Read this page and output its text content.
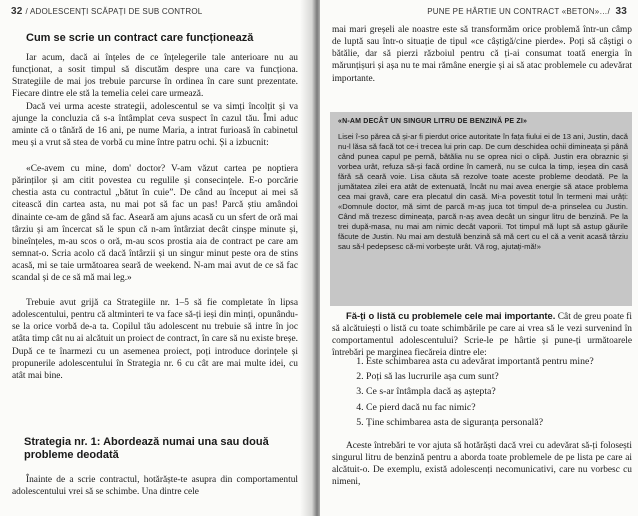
32 / ADOLESCENȚI SCĂPAȚI DE SUB CONTROL
Cum se scrie un contract care funcționează

Iar acum, dacă ai înțeles de ce înțelegerile tale anterioare nu au funcționat, a sosit timpul să discutăm despre una care va funcționa. Strategiile de mai jos trebuie parcurse în ordinea în care sunt prezentate. Fiecare dintre ele stă la temelia celei care urmează.

Dacă vei urma aceste strategii, adolescentul se va simți încolțit și va ajunge la concluzia că s-a întâmplat ceva suspect în cazul tău. Îmi aduc aminte că o tânără de 16 ani, pe nume Maria, a intrat furioasă în cabinetul meu și a vrut să stea de vorbă cu mine între patru ochi. Și a izbucnit:

«Ce-avem cu mine, dom' doctor? V-am văzut cartea pe noptiera părinților și am citit povestea cu regulile și consecințele. E-o porcărie chestia asta cu contractul „bătut în cuie”. De când au început ai mei să citească din cartea asta, nu mai pot să fac un pas! Parcă știu amândoi dinainte ce-am de gând să fac. Aseară am ajuns acasă cu un sfert de oră mai târziu și am încercat să le spun că n-am întârziat decât cinșpe minute și, bineînțeles, m-au scos o oră, m-au scos prostia aia de contract pe care am semnat-o. Scria acolo că dacă întârzii și un singur minut peste ora de stins acasă, mi se taie următoarea seară de weekend. N-am mai avut de ce să fac scandal și de ce să mă mai leg.»

Trebuie avut grijă ca Strategiile nr. 1–5 să fie completate în lipsa adolescentului, pentru că altminteri te va face să-ți ieși din minți, opunându-se la orice vorbă de-a ta. Copilul tău adolescent nu trebuie să intre în joc atâta timp cât nu ai alcătuit un proiect de contract, în care să nu existe breșe. După ce te înarmezi cu un asemenea proiect, poți introduce dorințele și propunerile adolescentului în Strategia nr. 6 cu cât are mai multe idei, cu atât mai bine.

Strategia nr. 1: Abordează numai una sau două probleme deodată

Înainte de a scrie contractul, hotărăște-te asupra din comportamentul adolescentului vrei să se schimbe. Una dintre cele

PUNE PE HÂRTIE UN CONTRACT «BETON»…/ 33

mai mari greșeli ale noastre este să transformăm orice problemă într-un câmp de luptă sau într-o situație de tipul «ce câștigă/cine pierde». Poți să câștigi o bătălie, dar să pierzi războiul pentru că ți-ai consumat toată energia în mărunțișuri și așa nu te mai rămâne energie și ai să atac problemele cu adevărat importante.

«N-AM DECÂT UN SINGUR LITRU DE BENZINĂ PE ZI»

Lisei î-so părea că și-ar fi pierdut orice autoritate în fața fiului ei de 13 ani, Justin, dacă nu-l lăsa să facă tot ce-i trecea lui prin cap. De cum deschidea ochii dimineața și până când punea capul pe pernă, bătălia nu se oprea nici o clipă. Justin era obraznic și vorbea urât, refuza să-și facă ordine în cameră, nu se culca la timp, ieșea din casă fără să ceară voie. Lisa căuta să rezolve toate aceste probleme deodată. Pe la jumătatea zilei era atât de extenuată, încât nu mai avea energie să atace problema cea mai gravă, care era plecatul din casă. Mi-a povestit totul în termeni mai urâți: «Domnule doctor, mă simt de parcă m-aș juca tot timpul de-a prinselea cu Justin. Când mă trezesc dimineața, parcă n-aș avea decât un singur litru de benzină. Pe la trei după-masa, nu mai am nimic decât vaporii. Tot timpul mă lupt să astup găurile făcute de Justin. Nu mai am destulă benzină să mă cert cu el că a venit acasă târziu sau să-l pedepsesc că-mi vorbește urât. Vă rog, ajutați-mă!»

Fă-ți o listă cu problemele cele mai importante. Cât de greu poate fi să alcătuiești o listă cu toate schimbările pe care ai vrea să le vezi survenind în comportamentul adolescentului? Scrie-le pe hârtie și pune-ți următoarele întrebări pe marginea fiecăreia dintre ele:

1. Este schimbarea asta cu adevărat importantă pentru mine?
2. Poți să las lucrurile așa cum sunt?
3. Ce s-ar întâmpla dacă aș aștepta?
4. Ce pierd dacă nu fac nimic?
5. Ține schimbarea asta de siguranța personală?

Aceste întrebări te vor ajuta să hotărăști dacă vrei cu adevărat să-ți folosești singurul litru de benzină pentru a aborda toate problemele de pe lista pe care ai alcătuit-o. De exemplu, există adolescenți necomunicativi, care nu vorbesc cu nimeni,
